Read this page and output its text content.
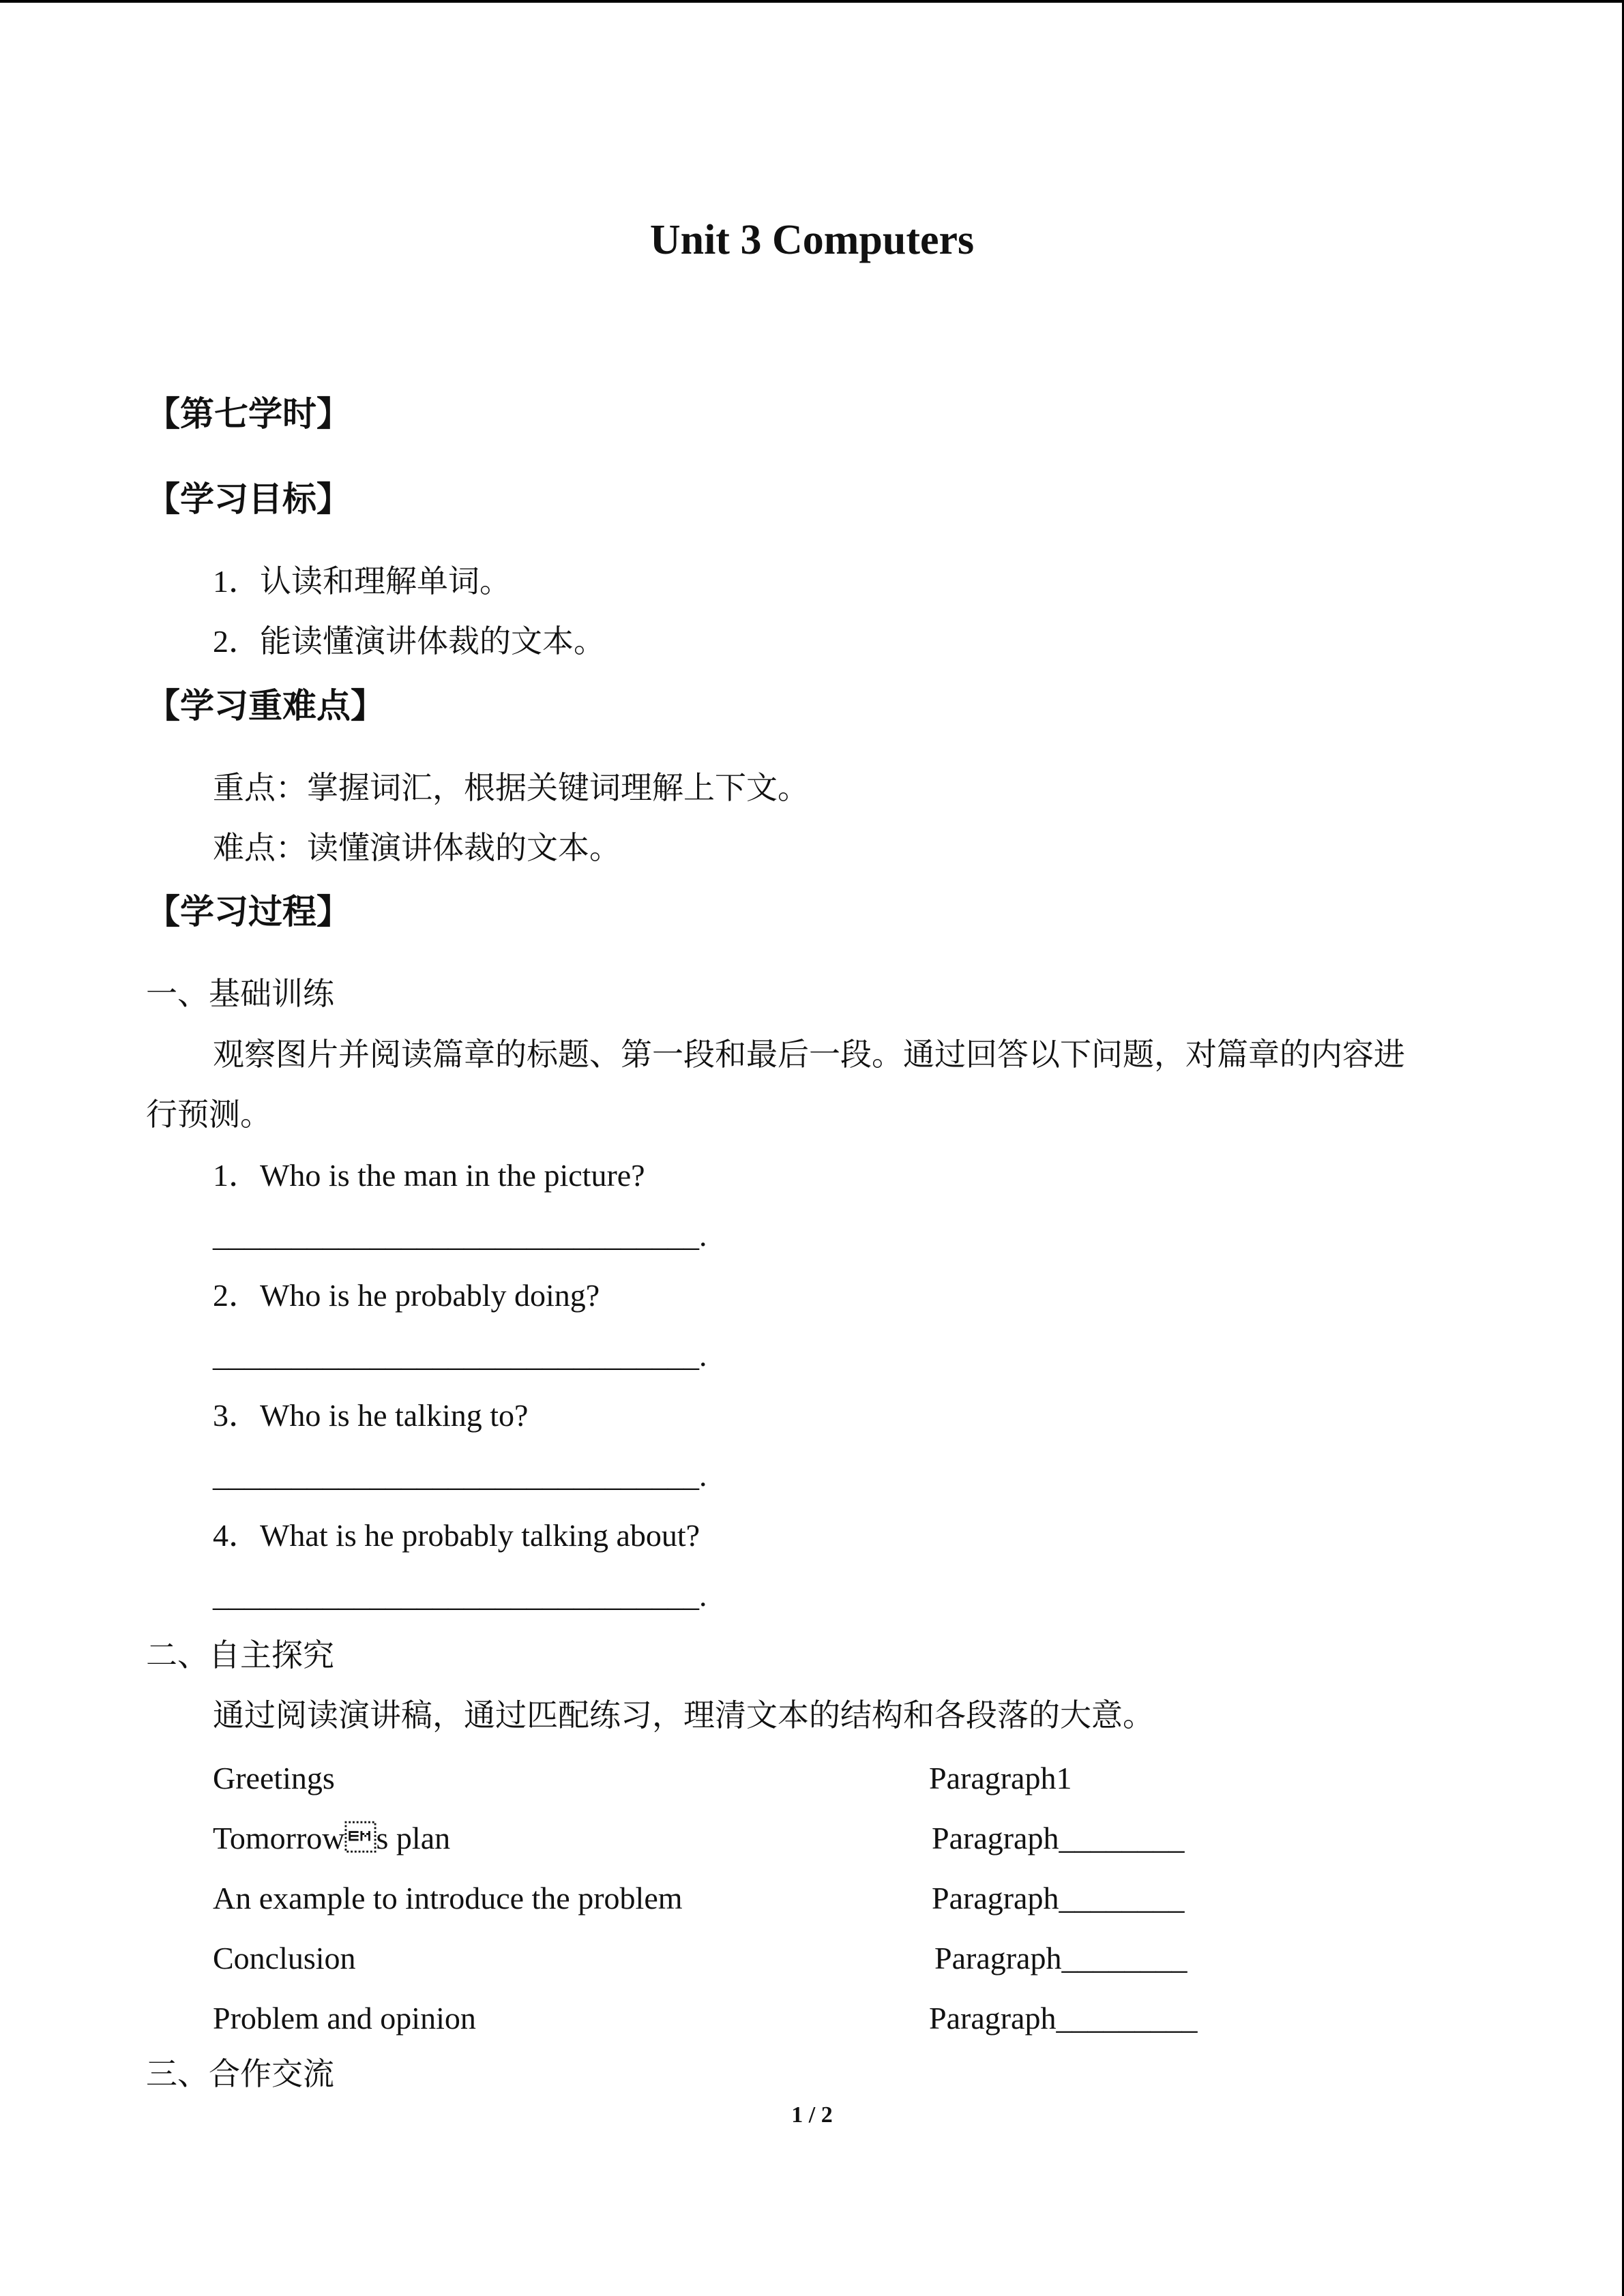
Unit 3 Computers
【第七学时】
【学习目标】
1．认读和理解单词。
2．能读懂演讲体裁的文本。
【学习重难点】
重点：掌握词汇，根据关键词理解上下文。
难点：读懂演讲体裁的文本。
【学习过程】
一、基础训练
观察图片并阅读篇章的标题、第一段和最后一段。通过回答以下问题，对篇章的内容进
行预测。
1．Who is the man in the picture?
_______________________________.
2．Who is he probably doing?
_______________________________.
3．Who is he talking to?
_______________________________.
4．What is he probably talking about?
_______________________________.
二、自主探究
通过阅读演讲稿，通过匹配练习，理清文本的结构和各段落的大意。
Greetings	Paragraph1
Tomorrows plan	Paragraph________
An example to introduce the problem	Paragraph________
Conclusion	Paragraph________
Problem and opinion	Paragraph_________
三、合作交流
1 / 2
